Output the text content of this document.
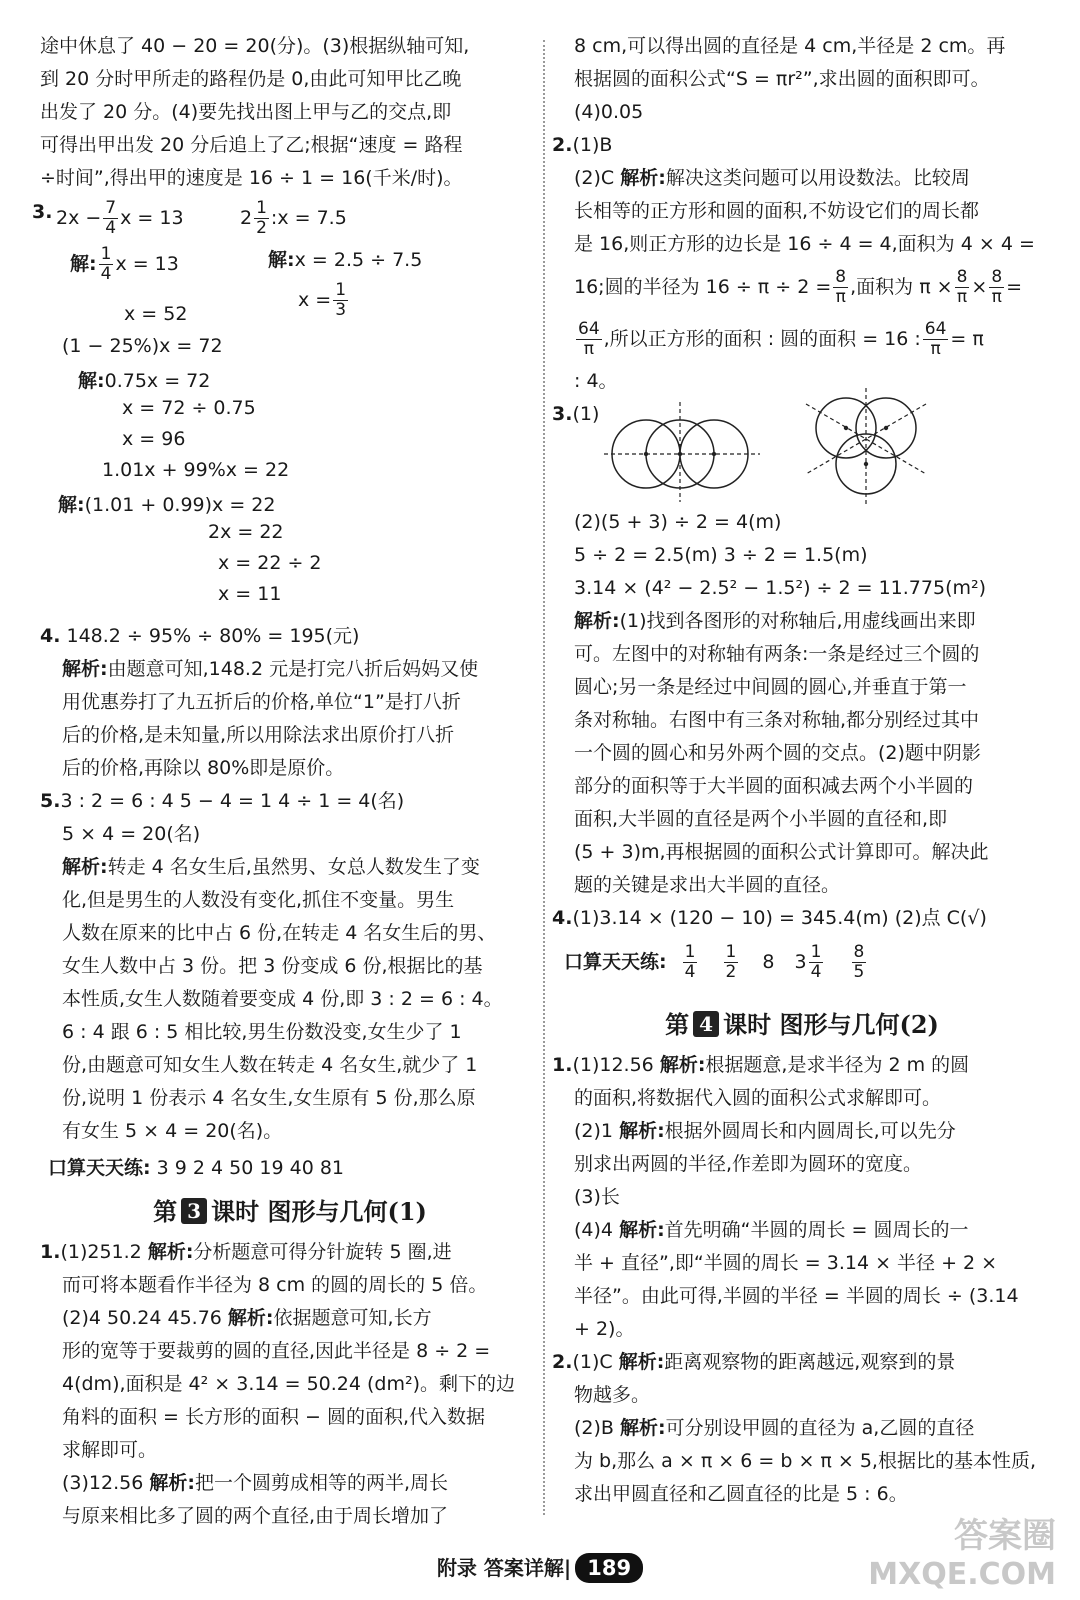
途中休息了 40 − 20 = 20(分)。(3)根据纵轴可知,
到 20 分时甲所走的路程仍是 0,由此可知甲比乙晚
出发了 20 分。(4)要先找出图上甲与乙的交点,即
可得出甲出发 20 分后追上了乙;根据“速度 = 路程
÷时间”,得出甲的速度是 16 ÷ 1 = 16(千米/时)。
3. $2x - \frac{7}{4}$ x = 13	$2 \frac{1}{2}$ :x = 7.5
解: $\frac{1}{4}$ x = 13	解:x = 2.5 ÷ 7.5
$x = \frac{1}{3}$
x = 52
(1 − 25%)x = 72
解:0.75x = 72
x = 72 ÷ 0.75
x = 96
1.01x + 99%x = 22
解:(1.01 + 0.99)x = 22
2x = 22
x = 22 ÷ 2
x = 11
4. 148.2 ÷ 95% ÷ 80% = 195(元)
解析:由题意可知,148.2 元是打完八折后妈妈又使
用优惠券打了九五折后的价格,单位“1”是打八折
后的价格,是未知量,所以用除法求出原价打八折
后的价格,再除以 80%即是原价。
5.3 : 2 = 6 : 4 5 − 4 = 1 4 ÷ 1 = 4(名)
5 × 4 = 20(名)
解析:转走 4 名女生后,虽然男、女总人数发生了变
化,但是男生的人数没有变化,抓住不变量。男生
人数在原来的比中占 6 份,在转走 4 名女生后的男、
女生人数中占 3 份。把 3 份变成 6 份,根据比的基
本性质,女生人数随着要变成 4 份,即 3 : 2 = 6 : 4。
6 : 4 跟 6 : 5 相比较,男生份数没变,女生少了 1
份,由题意可知女生人数在转走 4 名女生,就少了 1
份,说明 1 份表示 4 名女生,女生原有 5 份,那么原
有女生 5 × 4 = 20(名)。
口算天天练: 3 9 2 4 50 19 40 81
第 3 课时 图形与几何(1)
1.(1)251.2 解析:分析题意可得分针旋转 5 圈,进
而可将本题看作半径为 8 cm 的圆的周长的 5 倍。
(2)4 50.24 45.76 解析:依据题意可知,长方
形的宽等于要裁剪的圆的直径,因此半径是 8 ÷ 2 =
4(dm),面积是 4² × 3.14 = 50.24 (dm²)。剩下的边
角料的面积 = 长方形的面积 − 圆的面积,代入数据
求解即可。
(3)12.56 解析:把一个圆剪成相等的两半,周长
与原来相比多了圆的两个直径,由于周长增加了
8 cm,可以得出圆的直径是 4 cm,半径是 2 cm。再
根据圆的面积公式“S = πr²”,求出圆的面积即可。
(4)0.05
2.(1)B
(2)C 解析:解决这类问题可以用设数法。比较周
长相等的正方形和圆的面积,不妨设它们的周长都
是 16,则正方形的边长是 16 ÷ 4 = 4,面积为 4 × 4 =
16;圆的半径为 $16 \div \pi \div 2 = \frac{8}{\pi}$ ,面积为 $\pi \times \frac{8}{\pi} \times \frac{8}{\pi}$ =
$\frac{64}{\pi}$ ,所以正方形的面积 : 圆的面积 = 16 : $\frac{64}{\pi} = \pi$
: 4。
3.(1)
(2)(5 + 3) ÷ 2 = 4(m)
5 ÷ 2 = 2.5(m) 3 ÷ 2 = 1.5(m)
3.14 × (4² − 2.5² − 1.5²) ÷ 2 = 11.775(m²)
解析:(1)找到各图形的对称轴后,用虚线画出来即
可。左图中的对称轴有两条:一条是经过三个圆的
圆心;另一条是经过中间圆的圆心,并垂直于第一
条对称轴。右图中有三条对称轴,都分别经过其中
一个圆的圆心和另外两个圆的交点。(2)题中阴影
部分的面积等于大半圆的面积减去两个小半圆的
面积,大半圆的直径是两个小半圆的直径和,即
(5 + 3)m,再根据圆的面积公式计算即可。解决此
题的关键是求出大半圆的直径。
4.(1)3.14 × (120 − 10) = 345.4(m) (2)点 C(√)
口算天天练: $\frac{1}{4}$
$\frac{1}{2} 8$ $3 \frac{1}{4}$
$\frac{8}{5}$
第 4 课时 图形与几何(2)
1.(1)12.56 解析:根据题意,是求半径为 2 m 的圆
的面积,将数据代入圆的面积公式求解即可。
(2)1 解析:根据外圆周长和内圆周长,可以先分
别求出两圆的半径,作差即为圆环的宽度。
(3)长
(4)4 解析:首先明确“半圆的周长 = 圆周长的一
半 + 直径”,即“半圆的周长 = 3.14 × 半径 + 2 ×
半径”。由此可得,半圆的半径 = 半圆的周长 ÷ (3.14
+ 2)。
2.(1)C 解析:距离观察物的距离越远,观察到的景
物越多。
(2)B 解析:可分别设甲圆的直径为 a,乙圆的直径
为 b,那么 a × π × 6 = b × π × 5,根据比的基本性质,
求出甲圆直径和乙圆直径的比是 5 : 6。
附录 答案详解| 189
答案圈
MXQE.COM
